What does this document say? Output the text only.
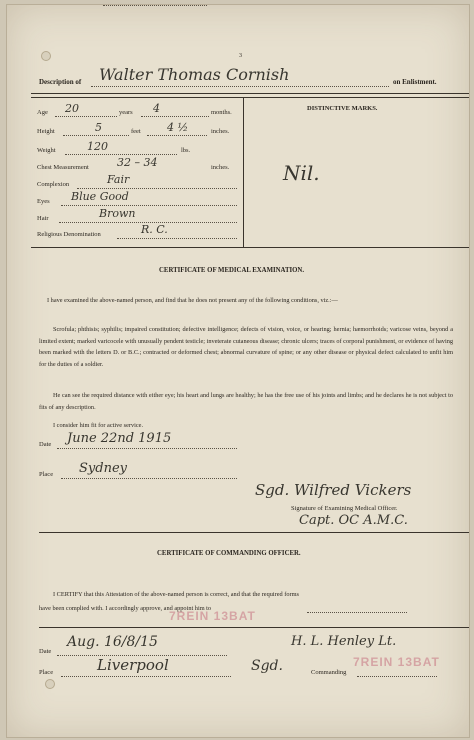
3
Description of Walter Thomas Cornish	on Enlistment.
Age 20	years 4	months.
Height	5	feet 4 ½	inches.
Weight	120	lbs.
Chest Measurement	32 – 34	inches.
Complexion	Fair
Eyes Blue Good
Hair	Brown
Religious Denomination	R. C.
DISTINCTIVE MARKS.
Nil.
CERTIFICATE OF MEDICAL EXAMINATION.
I have examined the above-named person, and find that he does not present any of the following conditions, viz.:—
Scrofula; phthisis; syphilis; impaired constitution; defective intelligence; defects of vision, voice, or hearing; hernia; hæmorrhoids; varicose veins, beyond a limited extent; marked varicocele with unusually pendent testicle; inveterate cutaneous disease; chronic ulcers; traces of corporal punishment, or evidence of having been marked with the letters D. or B.C.; contracted or deformed chest; abnormal curvature of spine; or any other disease or physical defect calculated to unfit him for the duties of a soldier.
He can see the required distance with either eye; his heart and lungs are healthy; he has the free use of his joints and limbs; and he declares he is not subject to fits of any description.
I consider him fit for active service.
Date June 22nd 1915
Place Sydney
Sgd. Wilfred Vickers
Signature of Examining Medical Officer.
Capt. OC A.M.C.
CERTIFICATE OF COMMANDING OFFICER.
I CERTIFY that this Attestation of the above-named person is correct, and that the required forms
have been complied with. I accordingly approve, and appoint him to
7REIN 13BAT
Date
Aug. 16/8/15
Place	Liverpool	Sgd.
H. L. Henley Lt.
Commanding
7REIN 13BAT
